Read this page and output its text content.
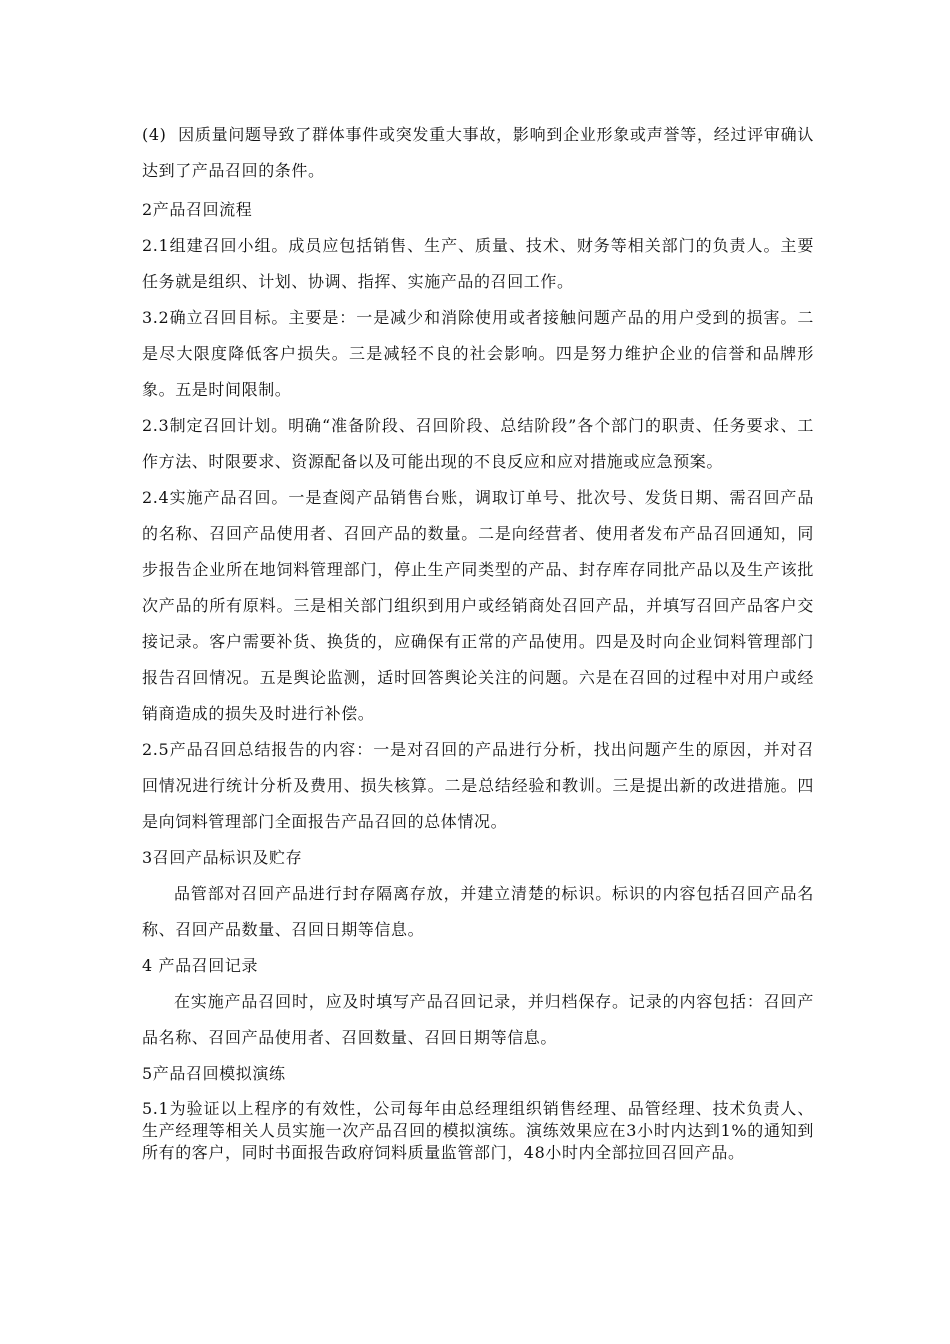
(4)  因质量问题导致了群体事件或突发重大事故，影响到企业形象或声誉等，经过评审确认达到了产品召回的条件。

2产品召回流程

2.1组建召回小组。成员应包括销售、生产、质量、技术、财务等相关部门的负责人。主要任务就是组织、计划、协调、指挥、实施产品的召回工作。

3.2确立召回目标。主要是：一是减少和消除使用或者接触问题产品的用户受到的损害。二是尽大限度降低客户损失。三是减轻不良的社会影响。四是努力维护企业的信誉和品牌形象。五是时间限制。

2.3制定召回计划。明确“准备阶段、召回阶段、总结阶段”各个部门的职责、任务要求、工作方法、时限要求、资源配备以及可能出现的不良反应和应对措施或应急预案。

2.4实施产品召回。一是查阅产品销售台账，调取订单号、批次号、发货日期、需召回产品的名称、召回产品使用者、召回产品的数量。二是向经营者、使用者发布产品召回通知，同步报告企业所在地饲料管理部门，停止生产同类型的产品、封存库存同批产品以及生产该批次产品的所有原料。三是相关部门组织到用户或经销商处召回产品，并填写召回产品客户交接记录。客户需要补货、换货的，应确保有正常的产品使用。四是及时向企业饲料管理部门报告召回情况。五是舆论监测，适时回答舆论关注的问题。六是在召回的过程中对用户或经销商造成的损失及时进行补偿。

2.5产品召回总结报告的内容：一是对召回的产品进行分析，找出问题产生的原因，并对召回情况进行统计分析及费用、损失核算。二是总结经验和教训。三是提出新的改进措施。四是向饲料管理部门全面报告产品召回的总体情况。

3召回产品标识及贮存

品管部对召回产品进行封存隔离存放，并建立清楚的标识。标识的内容包括召回产品名称、召回产品数量、召回日期等信息。

4 产品召回记录

在实施产品召回时，应及时填写产品召回记录，并归档保存。记录的内容包括：召回产品名称、召回产品使用者、召回数量、召回日期等信息。

5产品召回模拟演练

5.1为验证以上程序的有效性，公司每年由总经理组织销售经理、品管经理、技术负责人、生产经理等相关人员实施一次产品召回的模拟演练。演练效果应在3小时内达到1%的通知到所有的客户，同时书面报告政府饲料质量监管部门，48小时内全部拉回召回产品。
